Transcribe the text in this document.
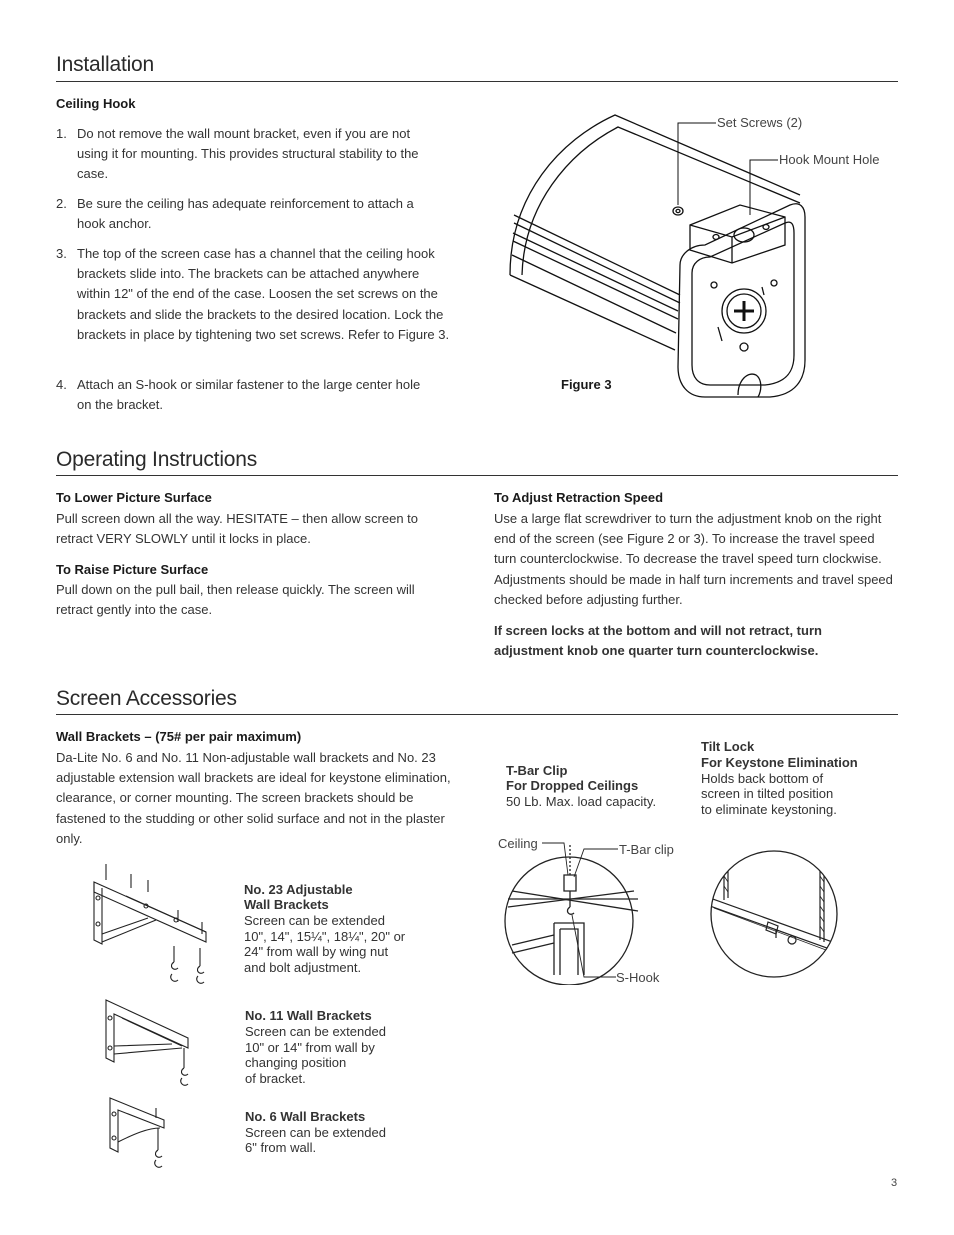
Installation
Ceiling Hook
1. Do not remove the wall mount bracket, even if you are not using it for mounting. This provides structural stability to the case.
2. Be sure the ceiling has adequate reinforcement to attach a hook anchor.
3. The top of the screen case has a channel that the ceiling hook brackets slide into. The brackets can be attached anywhere within 12" of the end of the case. Loosen the set screws on the brackets and slide the brackets to the desired location. Lock the brackets in place by tightening two set screws. Refer to Figure 3.
4. Attach an S-hook or similar fastener to the large center hole on the bracket.
Set Screws (2)
Hook Mount Hole
Figure 3
Operating Instructions
To Lower Picture Surface
Pull screen down all the way. HESITATE – then allow screen to retract VERY SLOWLY until it locks in place.
To Raise Picture Surface
Pull down on the pull bail, then release quickly. The screen will retract gently into the case.
To Adjust Retraction Speed
Use a large flat screwdriver to turn the adjustment knob on the right end of the screen (see Figure 2 or 3). To increase the travel speed turn counterclockwise. To decrease the travel speed turn clockwise. Adjustments should be made in half turn increments and travel speed checked before adjusting further.
If screen locks at the bottom and will not retract, turn adjustment knob one quarter turn counterclockwise.
Screen Accessories
Wall Brackets – (75# per pair maximum)
Da-Lite No. 6 and No. 11 Non-adjustable wall brackets and No. 23 adjustable extension wall brackets are ideal for keystone elimination, clearance, or corner mounting. The screen brackets should be fastened to the studding or other solid surface and not in the plaster only.
No. 23 Adjustable
Wall Brackets
Screen can be extended
10", 14", 15¼", 18¼", 20" or
24" from wall by wing nut
and bolt adjustment.
No. 11 Wall Brackets
Screen can be extended
10" or 14" from wall by
changing position
of bracket.
No. 6 Wall Brackets
Screen can be extended
6" from wall.
T-Bar Clip
For Dropped Ceilings
50 Lb. Max. load capacity.
Ceiling	T-Bar clip
S-Hook
Tilt Lock
For Keystone Elimination
Holds back bottom of
screen in tilted position
to eliminate keystoning.
3
